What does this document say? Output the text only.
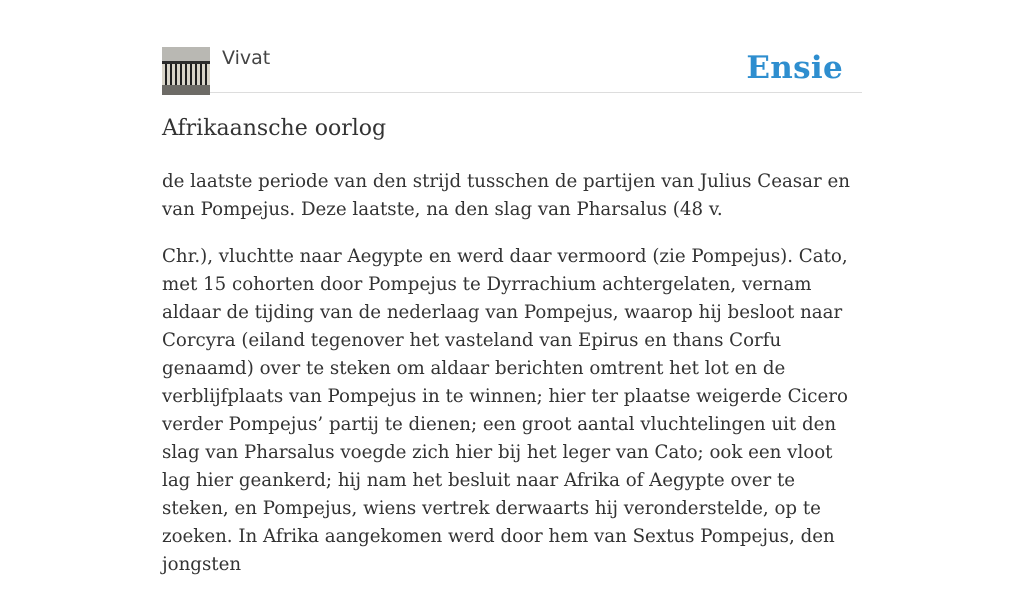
Vivat	Ensie
Afrikaansche oorlog

de laatste periode van den strijd tusschen de partijen van Julius Ceasar en van Pompejus. Deze laatste, na den slag van Pharsalus (48 v.

Chr.), vluchtte naar Aegypte en werd daar vermoord (zie Pompejus). Cato, met 15 cohorten door Pompejus te Dyrrachium achtergelaten, vernam aldaar de tijding van de nederlaag van Pompejus, waarop hij besloot naar Corcyra (eiland tegenover het vasteland van Epirus en thans Corfu genaamd) over te steken om aldaar berichten omtrent het lot en de verblijfplaats van Pompejus in te winnen; hier ter plaatse weigerde Cicero verder Pompejus’ partij te dienen; een groot aantal vluchtelingen uit den slag van Pharsalus voegde zich hier bij het leger van Cato; ook een vloot lag hier geankerd; hij nam het besluit naar Afrika of Aegypte over te steken, en Pompejus, wiens vertrek derwaarts hij veronderstelde, op te zoeken. In Afrika aangekomen werd door hem van Sextus Pompejus, den jongsten
